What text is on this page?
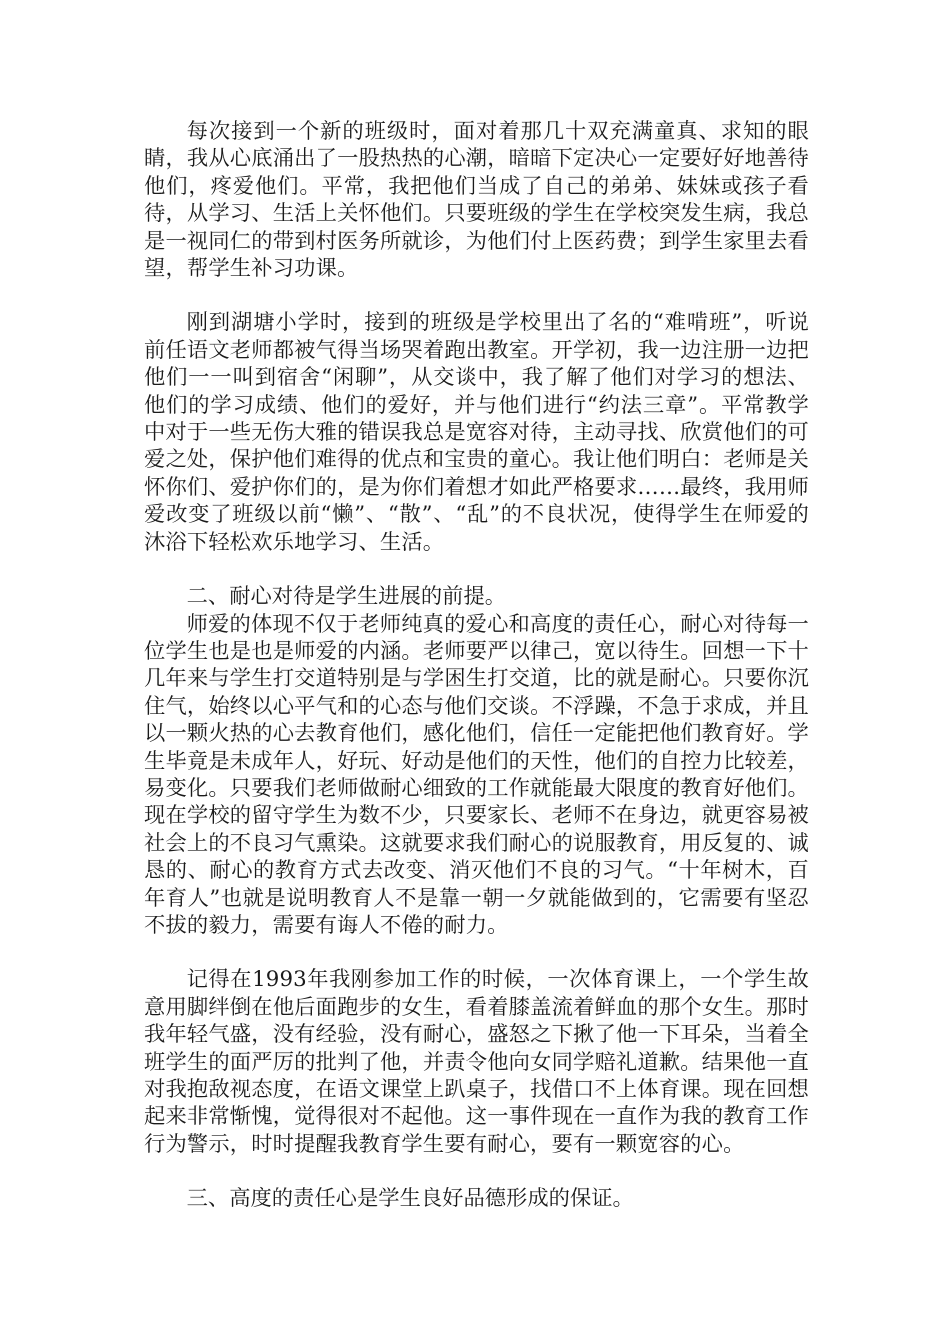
每次接到一个新的班级时，面对着那几十双充满童真、求知的眼睛，我从心底涌出了一股热热的心潮，暗暗下定决心一定要好好地善待他们，疼爱他们。平常，我把他们当成了自己的弟弟、妹妹或孩子看待，从学习、生活上关怀他们。只要班级的学生在学校突发生病，我总是一视同仁的带到村医务所就诊，为他们付上医药费；到学生家里去看望，帮学生补习功课。

刚到湖塘小学时，接到的班级是学校里出了名的“难啃班”，听说前任语文老师都被气得当场哭着跑出教室。开学初，我一边注册一边把他们一一叫到宿舍“闲聊”，从交谈中，我了解了他们对学习的想法、他们的学习成绩、他们的爱好，并与他们进行“约法三章”。平常教学中对于一些无伤大雅的错误我总是宽容对待，主动寻找、欣赏他们的可爱之处，保护他们难得的优点和宝贵的童心。我让他们明白：老师是关怀你们、爱护你们的，是为你们着想才如此严格要求……最终，我用师爱改变了班级以前“懒”、“散”、“乱”的不良状况，使得学生在师爱的沐浴下轻松欢乐地学习、生活。

二、耐心对待是学生进展的前提。

师爱的体现不仅于老师纯真的爱心和高度的责任心，耐心对待每一位学生也是也是师爱的内涵。老师要严以律己，宽以待生。回想一下十几年来与学生打交道特别是与学困生打交道，比的就是耐心。只要你沉住气，始终以心平气和的心态与他们交谈。不浮躁，不急于求成，并且以一颗火热的心去教育他们，感化他们，信任一定能把他们教育好。学生毕竟是未成年人，好玩、好动是他们的天性，他们的自控力比较差，易变化。只要我们老师做耐心细致的工作就能最大限度的教育好他们。现在学校的留守学生为数不少，只要家长、老师不在身边，就更容易被社会上的不良习气熏染。这就要求我们耐心的说服教育，用反复的、诚恳的、耐心的教育方式去改变、消灭他们不良的习气。“十年树木，百年育人”也就是说明教育人不是靠一朝一夕就能做到的，它需要有坚忍不拔的毅力，需要有诲人不倦的耐力。

记得在1993年我刚参加工作的时候，一次体育课上，一个学生故意用脚绊倒在他后面跑步的女生，看着膝盖流着鲜血的那个女生。那时我年轻气盛，没有经验，没有耐心，盛怒之下揪了他一下耳朵，当着全班学生的面严厉的批判了他，并责令他向女同学赔礼道歉。结果他一直对我抱敌视态度，在语文课堂上趴桌子，找借口不上体育课。现在回想起来非常惭愧，觉得很对不起他。这一事件现在一直作为我的教育工作行为警示，时时提醒我教育学生要有耐心，要有一颗宽容的心。

三、高度的责任心是学生良好品德形成的保证。
